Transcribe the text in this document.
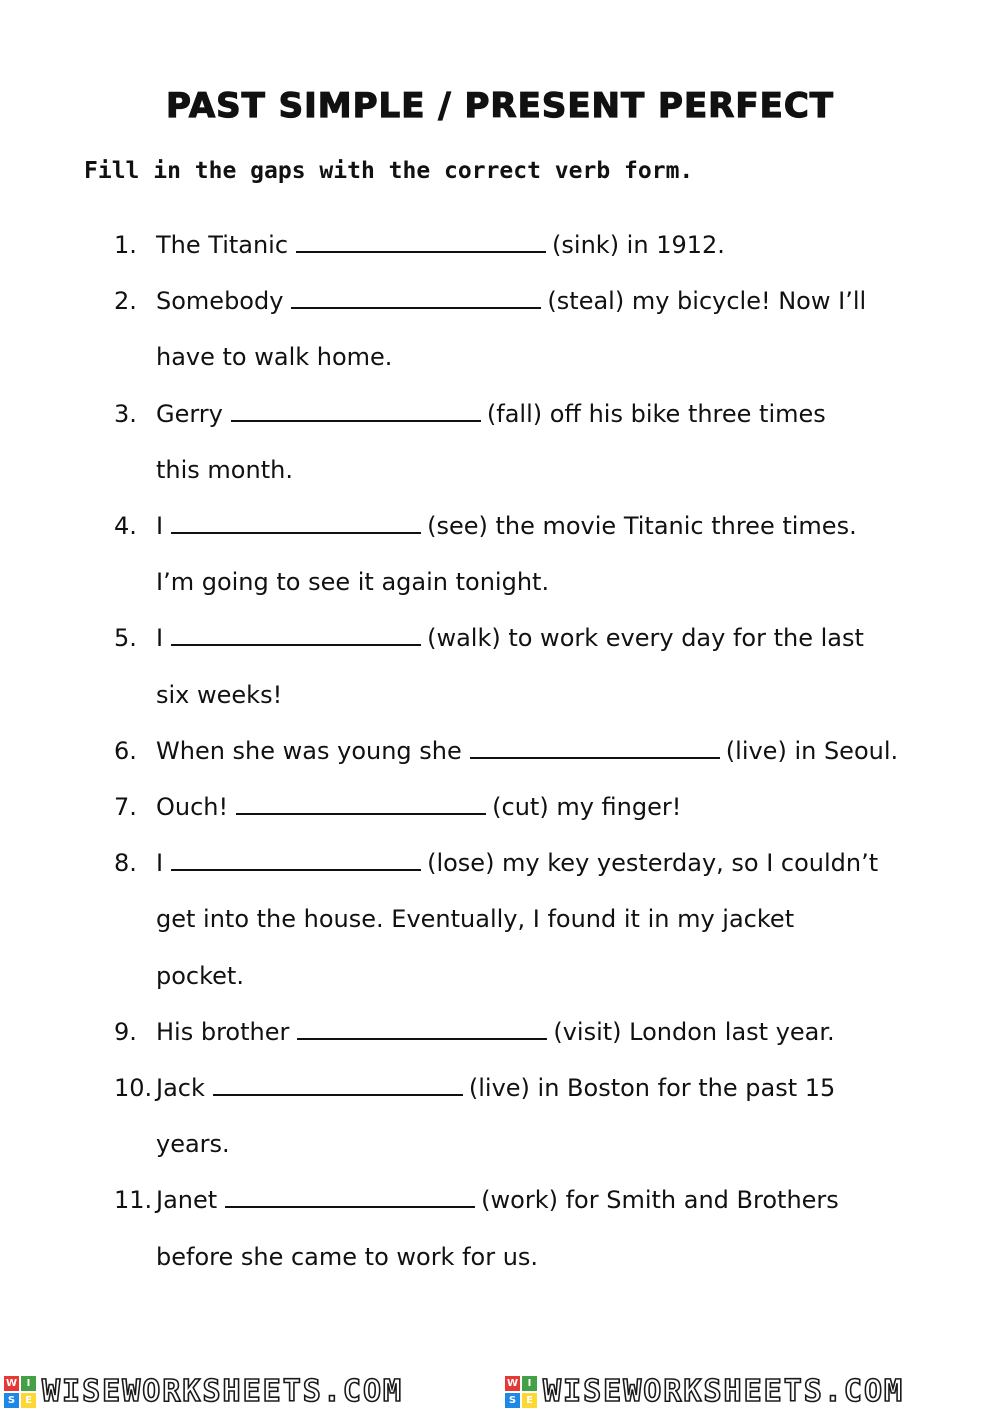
PAST SIMPLE / PRESENT PERFECT
Fill in the gaps with the correct verb form.
1. The Titanic	(sink) in 1912.
2. Somebody	(steal) my bicycle! Now I’ll
have to walk home.
3. Gerry	(fall) off his bike three times
this month.
4. I	(see) the movie Titanic three times.
I’m going to see it again tonight.
5. I	(walk) to work every day for the last
six weeks!
6. When she was young she	(live) in Seoul.
7. Ouch!	(cut) my finger!
8. I	(lose) my key yesterday, so I couldn’t
get into the house. Eventually, I found it in my jacket
pocket.
9. His brother	(visit) London last year.
10. Jack	(live) in Boston for the past 15
years.
11. Janet	(work) for Smith and Brothers
before she came to work for us.
W I
S E WISEWORKSHEETS.COM	W I
S E WISEWORKSHEETS.COM
